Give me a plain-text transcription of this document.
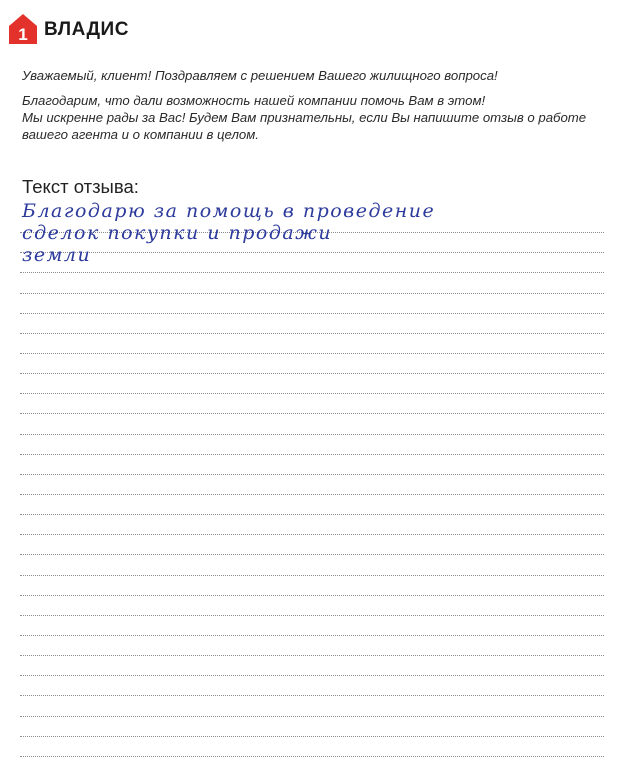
1 ВЛАДИС

Уважаемый, клиент! Поздравляем с решением Вашего жилищного вопроса!

Благодарим, что дали возможность нашей компании помочь Вам в этом!

Мы искренне рады за Вас! Будем Вам признательны, если Вы напишите отзыв о работе

вашего агента и о компании в целом.

Текст отзыва:
Благодарю за помощь в проведение
сделок покупки и продажи
земли
